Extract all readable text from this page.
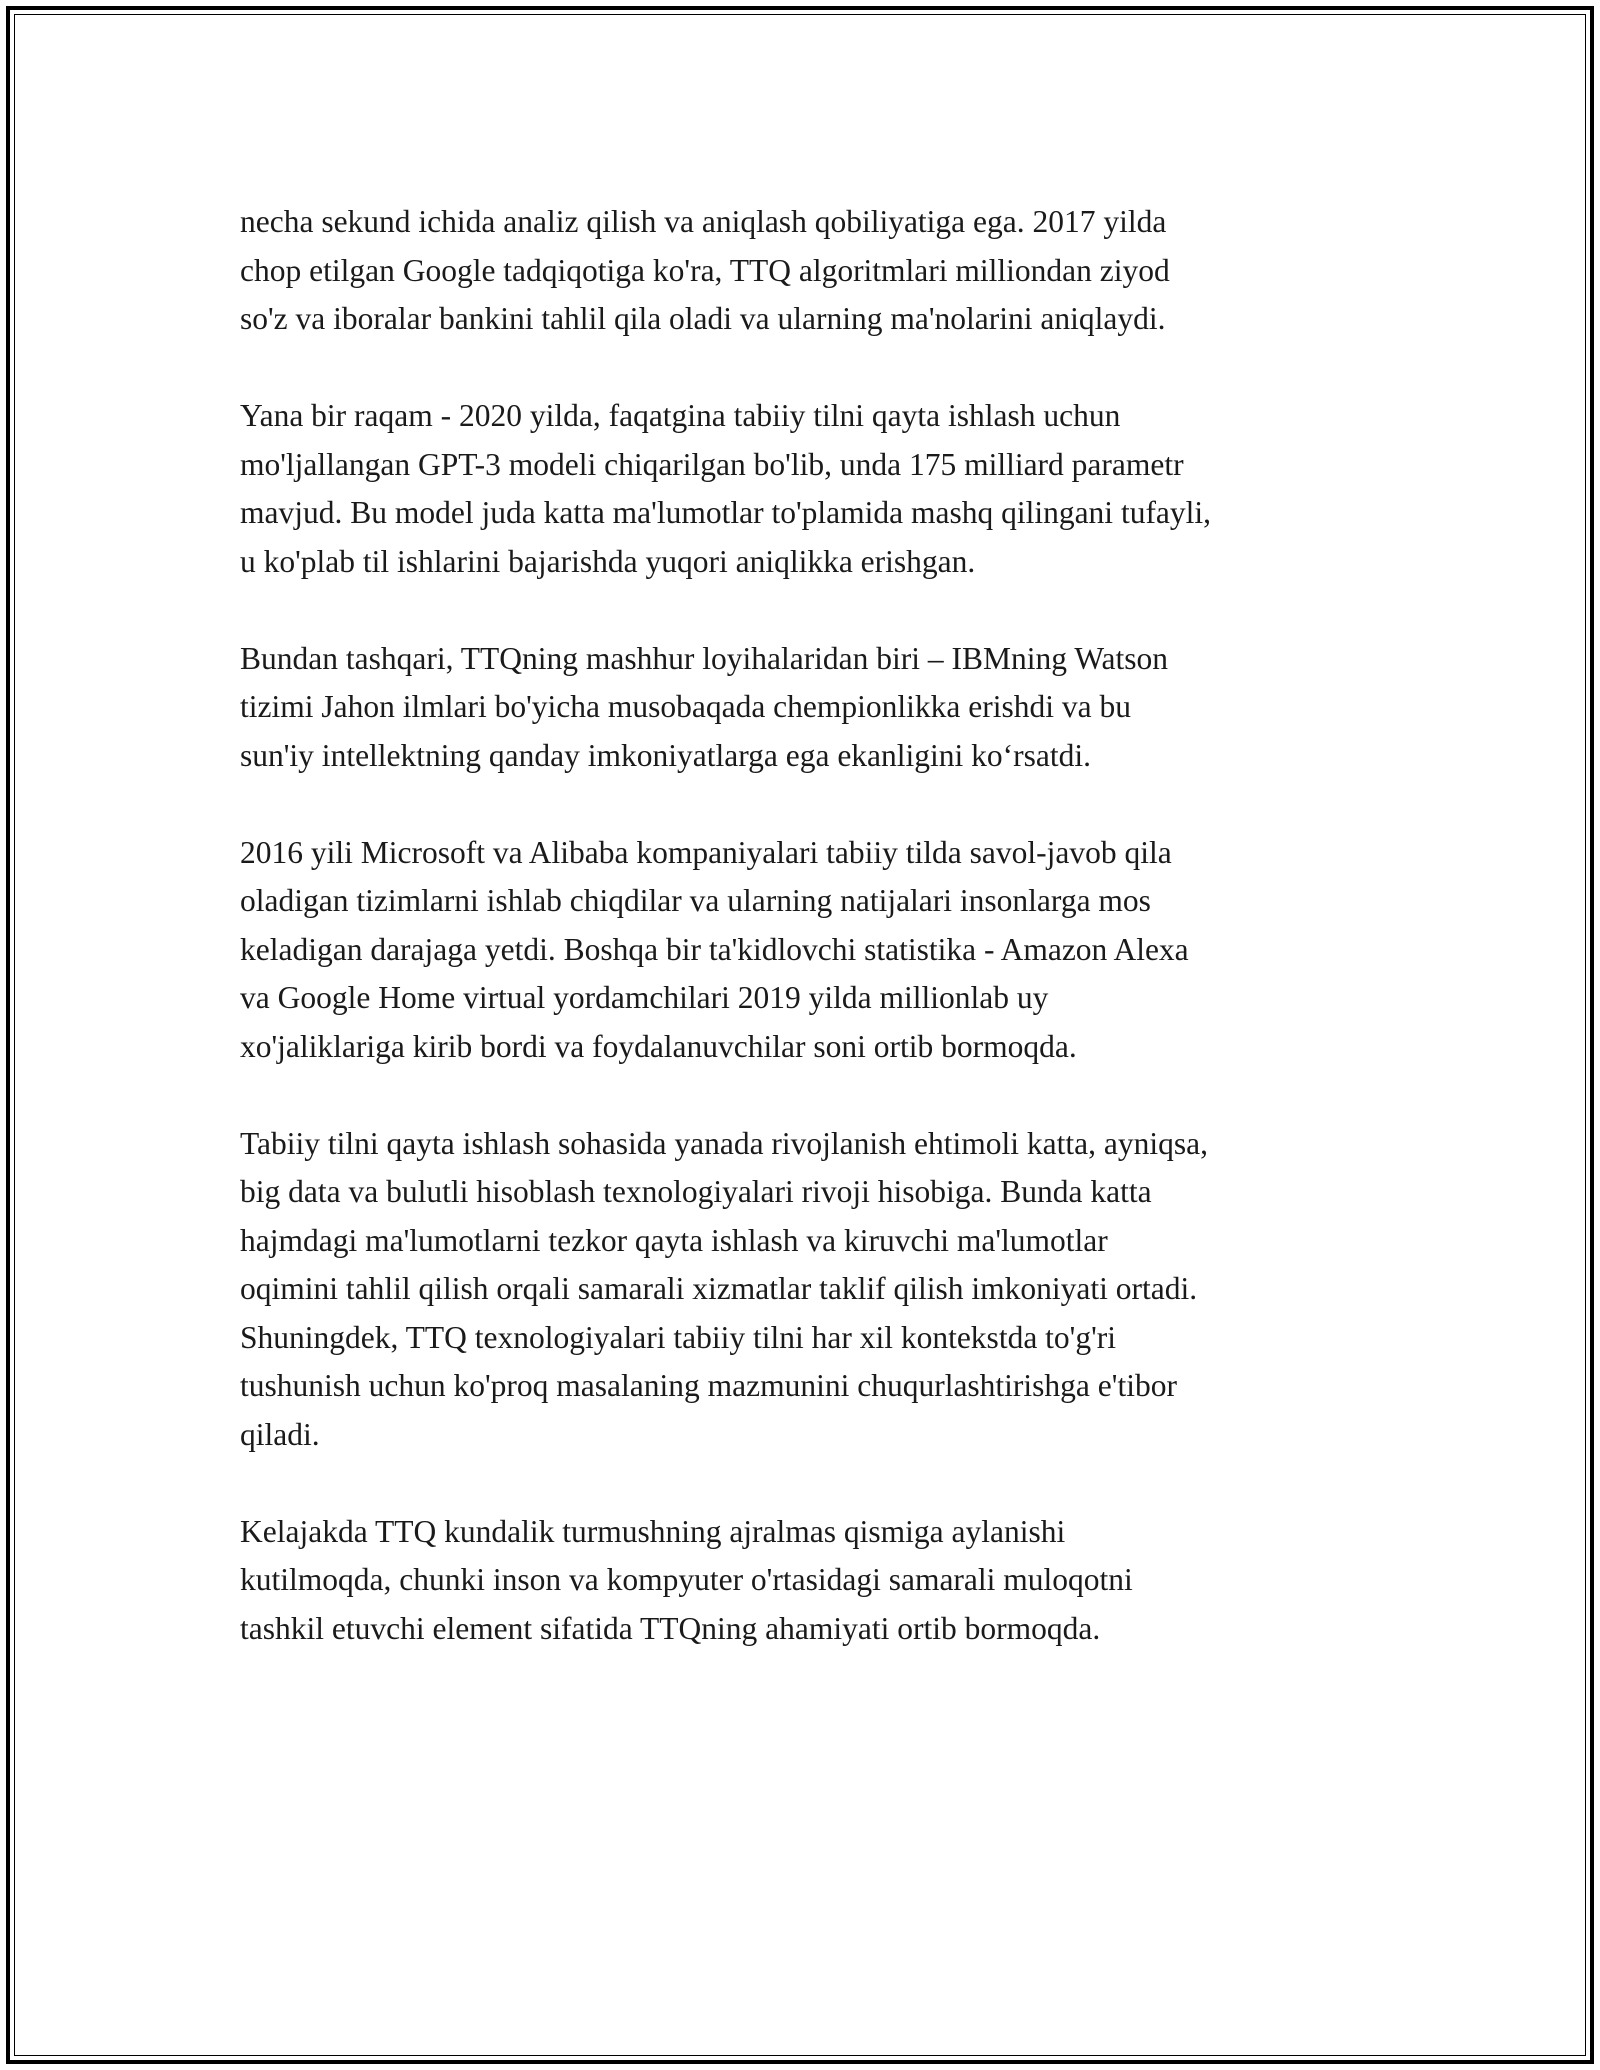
necha sekund ichida analiz qilish va aniqlash qobiliyatiga ega. 2017 yilda
chop etilgan Google tadqiqotiga ko'ra, TTQ algoritmlari milliondan ziyod
so'z va iboralar bankini tahlil qila oladi va ularning ma'nolarini aniqlaydi.

Yana bir raqam - 2020 yilda, faqatgina tabiiy tilni qayta ishlash uchun
mo'ljallangan GPT-3 modeli chiqarilgan bo'lib, unda 175 milliard parametr
mavjud. Bu model juda katta ma'lumotlar to'plamida mashq qilingani tufayli,
u ko'plab til ishlarini bajarishda yuqori aniqlikka erishgan.

Bundan tashqari, TTQning mashhur loyihalaridan biri – IBMning Watson
tizimi Jahon ilmlari bo'yicha musobaqada chempionlikka erishdi va bu
sun'iy intellektning qanday imkoniyatlarga ega ekanligini koʻrsatdi.

2016 yili Microsoft va Alibaba kompaniyalari tabiiy tilda savol-javob qila
oladigan tizimlarni ishlab chiqdilar va ularning natijalari insonlarga mos
keladigan darajaga yetdi. Boshqa bir ta'kidlovchi statistika - Amazon Alexa
va Google Home virtual yordamchilari 2019 yilda millionlab uy
xo'jaliklariga kirib bordi va foydalanuvchilar soni ortib bormoqda.

Tabiiy tilni qayta ishlash sohasida yanada rivojlanish ehtimoli katta, ayniqsa,
big data va bulutli hisoblash texnologiyalari rivoji hisobiga. Bunda katta
hajmdagi ma'lumotlarni tezkor qayta ishlash va kiruvchi ma'lumotlar
oqimini tahlil qilish orqali samarali xizmatlar taklif qilish imkoniyati ortadi.
Shuningdek, TTQ texnologiyalari tabiiy tilni har xil kontekstda to'g'ri
tushunish uchun ko'proq masalaning mazmunini chuqurlashtirishga e'tibor
qiladi.

Kelajakda TTQ kundalik turmushning ajralmas qismiga aylanishi
kutilmoqda, chunki inson va kompyuter o'rtasidagi samarali muloqotni
tashkil etuvchi element sifatida TTQning ahamiyati ortib bormoqda.
